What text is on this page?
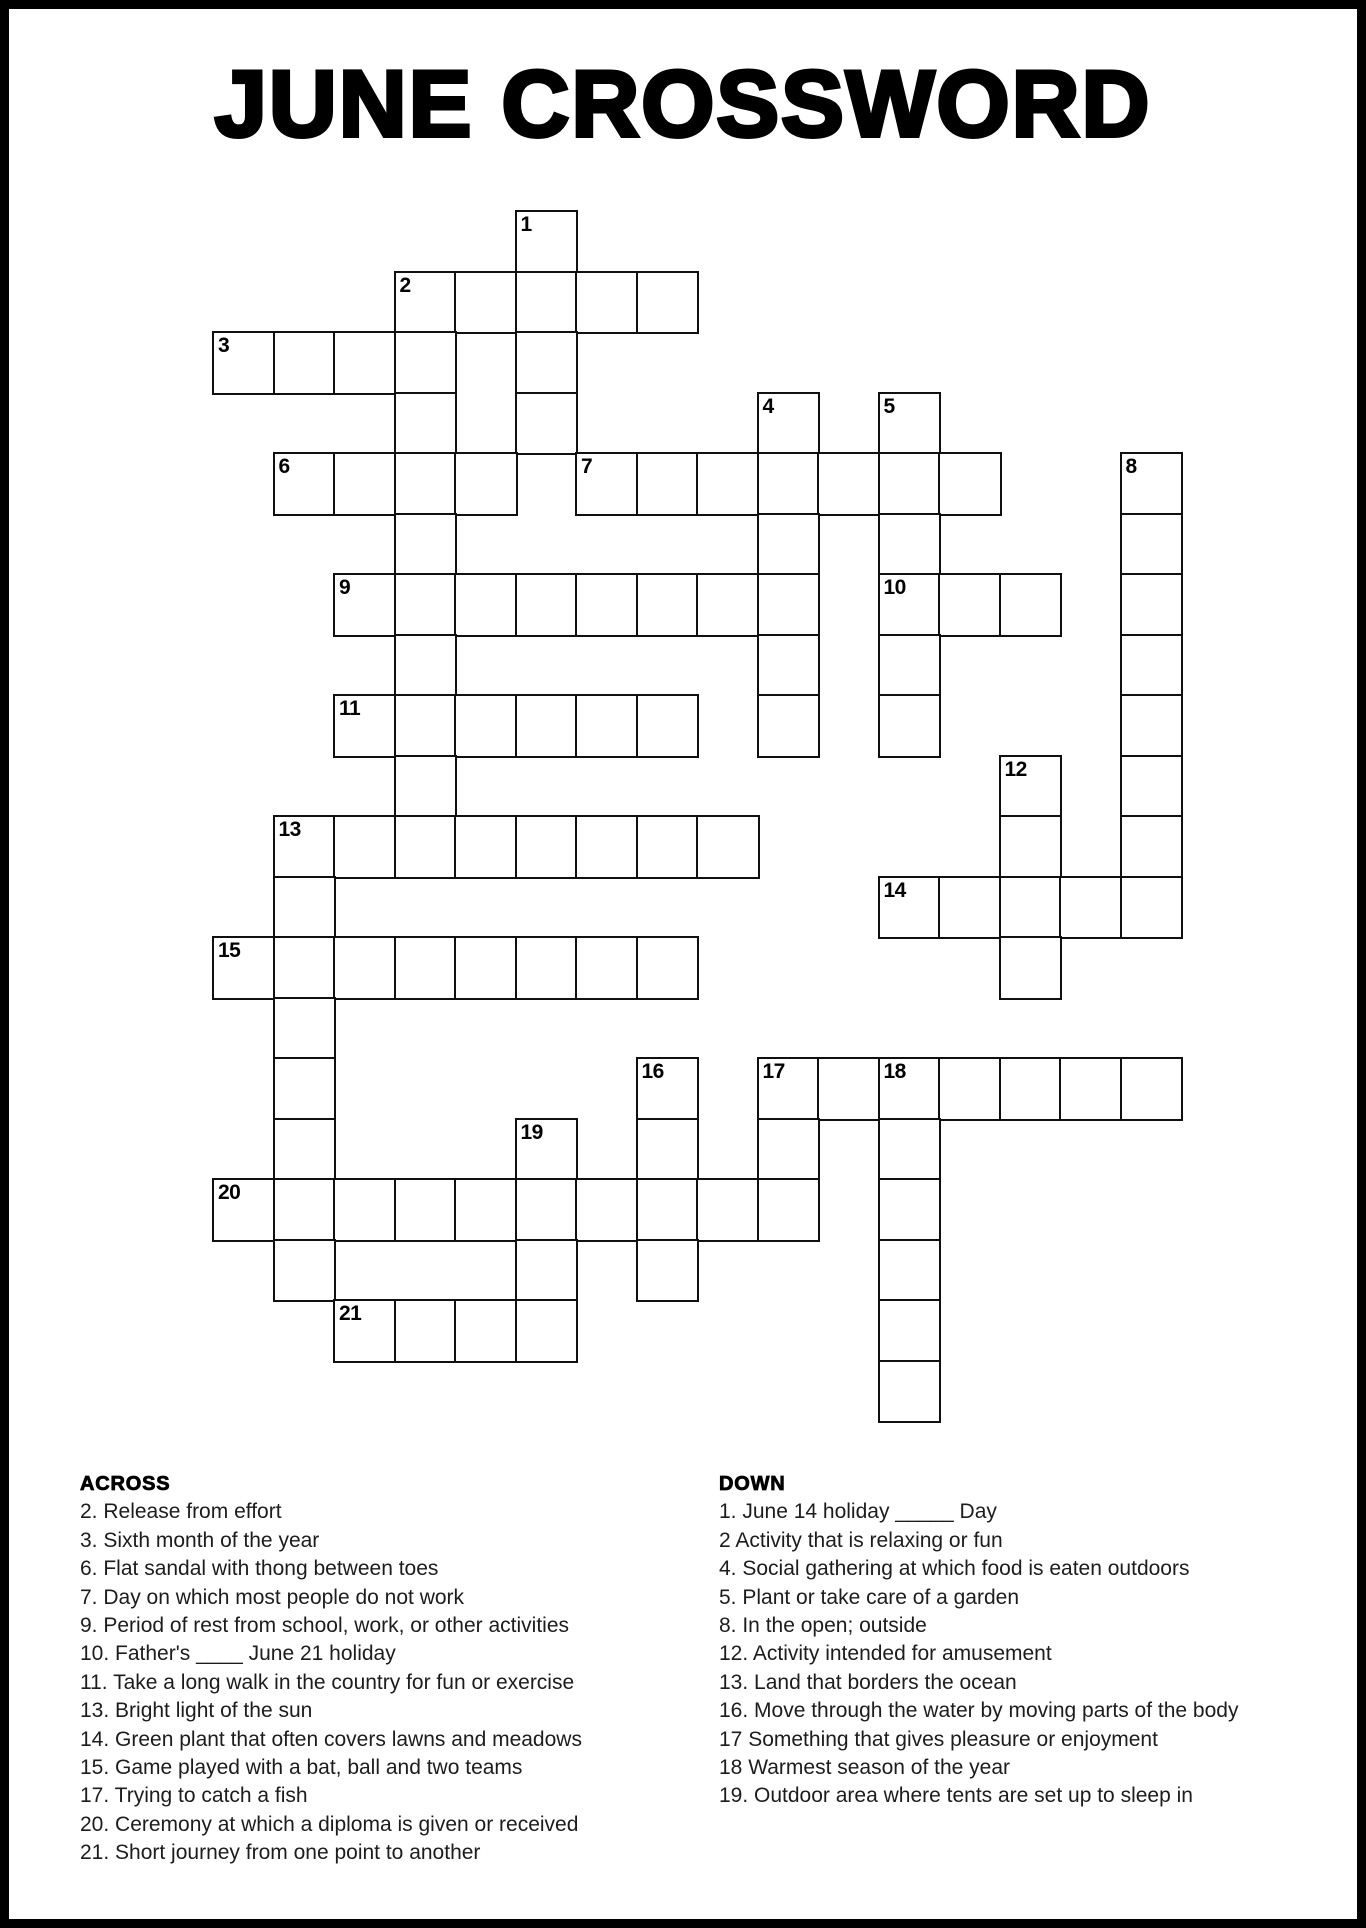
JUNE CROSSWORD
1
2
3
4	5
6	7	8
9	10
11
12
13
14
15
16	17	18
19
20
21
ACROSS
2. Release from effort
3. Sixth month of the year
6. Flat sandal with thong between toes
7. Day on which most people do not work
9. Period of rest from school, work, or other activities
10. Father's ____ June 21 holiday
11. Take a long walk in the country for fun or exercise
13. Bright light of the sun
14. Green plant that often covers lawns and meadows
15. Game played with a bat, ball and two teams
17. Trying to catch a fish
20. Ceremony at which a diploma is given or received
21. Short journey from one point to another
DOWN
1. June 14 holiday _____ Day
2 Activity that is relaxing or fun
4. Social gathering at which food is eaten outdoors
5. Plant or take care of a garden
8. In the open; outside
12. Activity intended for amusement
13. Land that borders the ocean
16. Move through the water by moving parts of the body
17 Something that gives pleasure or enjoyment
18 Warmest season of the year
19. Outdoor area where tents are set up to sleep in
